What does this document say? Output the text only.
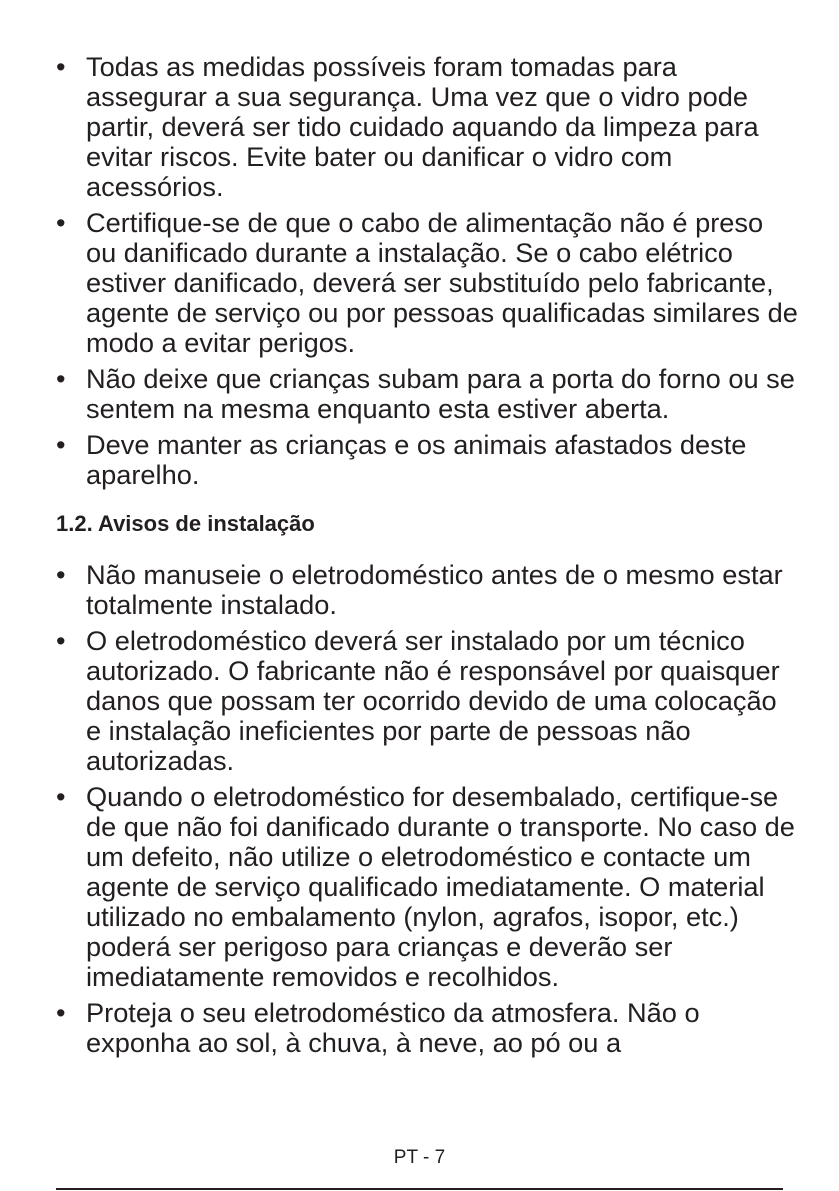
• Todas as medidas possíveis foram tomadas para assegurar a sua segurança. Uma vez que o vidro pode partir, deverá ser tido cuidado aquando da limpeza para evitar riscos. Evite bater ou danificar o vidro com acessórios.
• Certifique-se de que o cabo de alimentação não é preso ou danificado durante a instalação. Se o cabo elétrico estiver danificado, deverá ser substituído pelo fabricante, agente de serviço ou por pessoas qualificadas similares de modo a evitar perigos.
• Não deixe que crianças subam para a porta do forno ou se sentem na mesma enquanto esta estiver aberta.
• Deve manter as crianças e os animais afastados deste aparelho.
1.2. Avisos de instalação
• Não manuseie o eletrodoméstico antes de o mesmo estar totalmente instalado.
• O eletrodoméstico deverá ser instalado por um técnico autorizado. O fabricante não é responsável por quaisquer danos que possam ter ocorrido devido de uma colocação e instalação ineficientes por parte de pessoas não autorizadas.
• Quando o eletrodoméstico for desembalado, certifique-se de que não foi danificado durante o transporte. No caso de um defeito, não utilize o eletrodoméstico e contacte um agente de serviço qualificado imediatamente. O material utilizado no embalamento (nylon, agrafos, isopor, etc.) poderá ser perigoso para crianças e deverão ser imediatamente removidos e recolhidos.
• Proteja o seu eletrodoméstico da atmosfera. Não o exponha ao sol, à chuva, à neve, ao pó ou a
PT - 7
